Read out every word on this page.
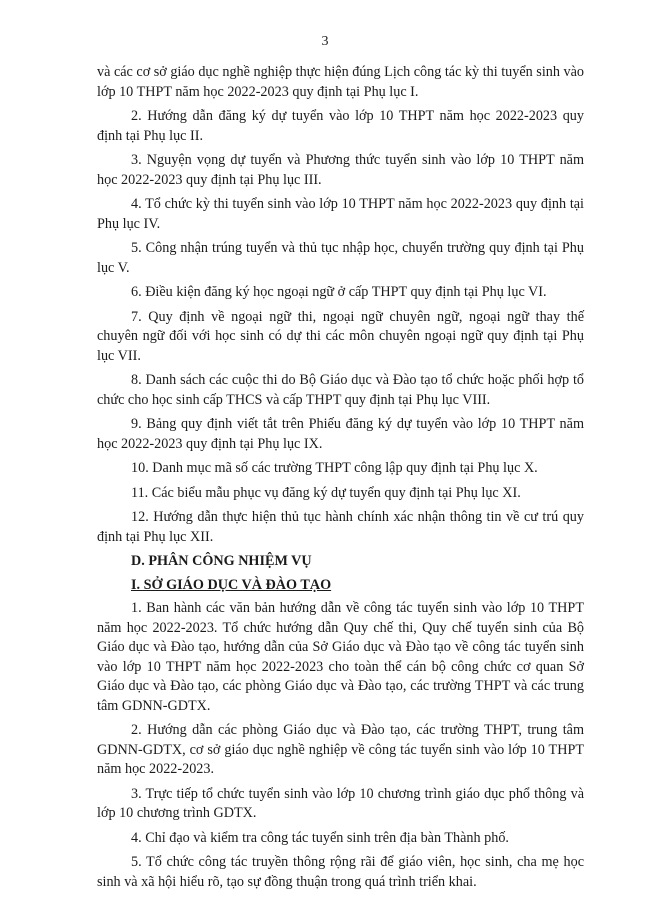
3

và các cơ sở giáo dục nghề nghiệp thực hiện đúng Lịch công tác kỳ thi tuyển sinh vào lớp 10 THPT năm học 2022-2023 quy định tại Phụ lục I.

2. Hướng dẫn đăng ký dự tuyển vào lớp 10 THPT năm học 2022-2023 quy định tại Phụ lục II.

3. Nguyện vọng dự tuyển và Phương thức tuyển sinh vào lớp 10 THPT năm học 2022-2023 quy định tại Phụ lục III.

4. Tổ chức kỳ thi tuyển sinh vào lớp 10 THPT năm học 2022-2023 quy định tại Phụ lục IV.

5. Công nhận trúng tuyển và thủ tục nhập học, chuyển trường quy định tại Phụ lục V.

6. Điều kiện đăng ký học ngoại ngữ ở cấp THPT quy định tại Phụ lục VI.

7. Quy định về ngoại ngữ thi, ngoại ngữ chuyên ngữ, ngoại ngữ thay thế chuyên ngữ đối với học sinh có dự thi các môn chuyên ngoại ngữ quy định tại Phụ lục VII.

8. Danh sách các cuộc thi do Bộ Giáo dục và Đào tạo tổ chức hoặc phối hợp tổ chức cho học sinh cấp THCS và cấp THPT quy định tại Phụ lục VIII.

9. Bảng quy định viết tắt trên Phiếu đăng ký dự tuyển vào lớp 10 THPT năm học 2022-2023 quy định tại Phụ lục IX.

10. Danh mục mã số các trường THPT công lập quy định tại Phụ lục X.

11. Các biểu mẫu phục vụ đăng ký dự tuyển quy định tại Phụ lục XI.

12. Hướng dẫn thực hiện thủ tục hành chính xác nhận thông tin về cư trú quy định tại Phụ lục XII.

D. PHÂN CÔNG NHIỆM VỤ
I. SỞ GIÁO DỤC VÀ ĐÀO TẠO

1. Ban hành các văn bản hướng dẫn về công tác tuyển sinh vào lớp 10 THPT năm học 2022-2023. Tổ chức hướng dẫn Quy chế thi, Quy chế tuyển sinh của Bộ Giáo dục và Đào tạo, hướng dẫn của Sở Giáo dục và Đào tạo về công tác tuyển sinh vào lớp 10 THPT năm học 2022-2023 cho toàn thể cán bộ công chức cơ quan Sở Giáo dục và Đào tạo, các phòng Giáo dục và Đào tạo, các trường THPT và các trung tâm GDNN-GDTX.

2. Hướng dẫn các phòng Giáo dục và Đào tạo, các trường THPT, trung tâm GDNN-GDTX, cơ sở giáo dục nghề nghiệp về công tác tuyển sinh vào lớp 10 THPT năm học 2022-2023.

3. Trực tiếp tổ chức tuyển sinh vào lớp 10 chương trình giáo dục phổ thông và lớp 10 chương trình GDTX.

4. Chỉ đạo và kiểm tra công tác tuyển sinh trên địa bàn Thành phố.

5. Tổ chức công tác truyền thông rộng rãi để giáo viên, học sinh, cha mẹ học sinh và xã hội hiểu rõ, tạo sự đồng thuận trong quá trình triển khai.
